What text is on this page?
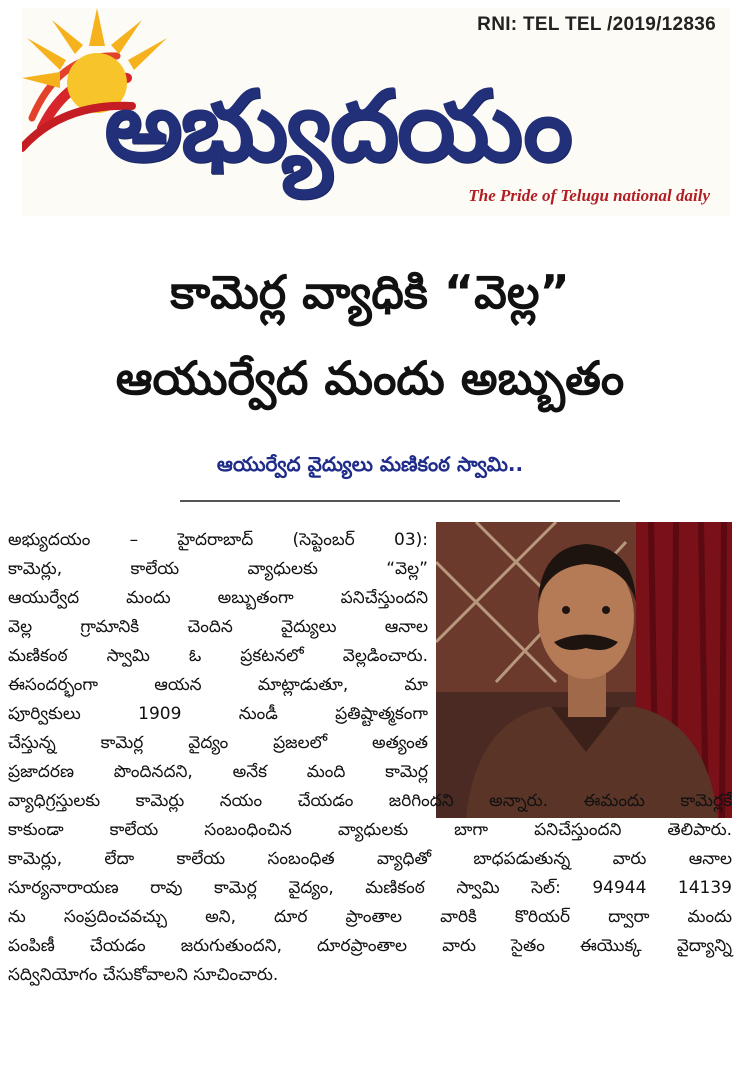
RNI: TEL TEL /2019/12836
అభ్యుదయం
The Pride of Telugu national daily
కామెర్ల వ్యాధికి “వెల్ల”
ఆయుర్వేద మందు అబ్బుతం
ఆయుర్వేద వైద్యులు మణికంఠ స్వామి..
అభ్యుదయం – హైదరాబాద్ (సెప్టెంబర్ 03):
కామెర్లు, కాలేయ వ్యాధులకు “వెల్ల”
ఆయుర్వేద మందు అబ్బుతంగా పనిచేస్తుందని
వెల్ల గ్రామానికి చెందిన వైద్యులు ఆనాల
మణికంఠ స్వామి ఓ ప్రకటనలో వెల్లడించారు.
ఈసందర్భంగా ఆయన మాట్లాడుతూ, మా
పూర్వికులు 1909 నుండీ ప్రతిష్టాత్మకంగా
చేస్తున్న కామెర్ల వైద్యం ప్రజలలో అత్యంత
ప్రజాదరణ పొందినదని, అనేక మంది కామెర్ల
వ్యాధిగ్రస్తులకు కామెర్లు నయం చేయడం జరిగిందని అన్నారు. ఈమందు కామెర్లకే
కాకుండా కాలేయ సంబంధించిన వ్యాధులకు బాగా పనిచేస్తుందని తెలిపారు.
కామెర్లు, లేదా కాలేయ సంబంధిత వ్యాధితో బాధపడుతున్న వారు ఆనాల
సూర్యనారాయణ రావు కామెర్ల వైద్యం, మణికంఠ స్వామి సెల్: 94944 14139
ను సంప్రదించవచ్చు అని, దూర ప్రాంతాల వారికి కొరియర్ ద్వారా మందు
పంపిణీ చేయడం జరుగుతుందని, దూరప్రాంతాల వారు సైతం ఈయొక్క వైద్యాన్ని
సద్వినియోగం చేసుకోవాలని సూచించారు.
